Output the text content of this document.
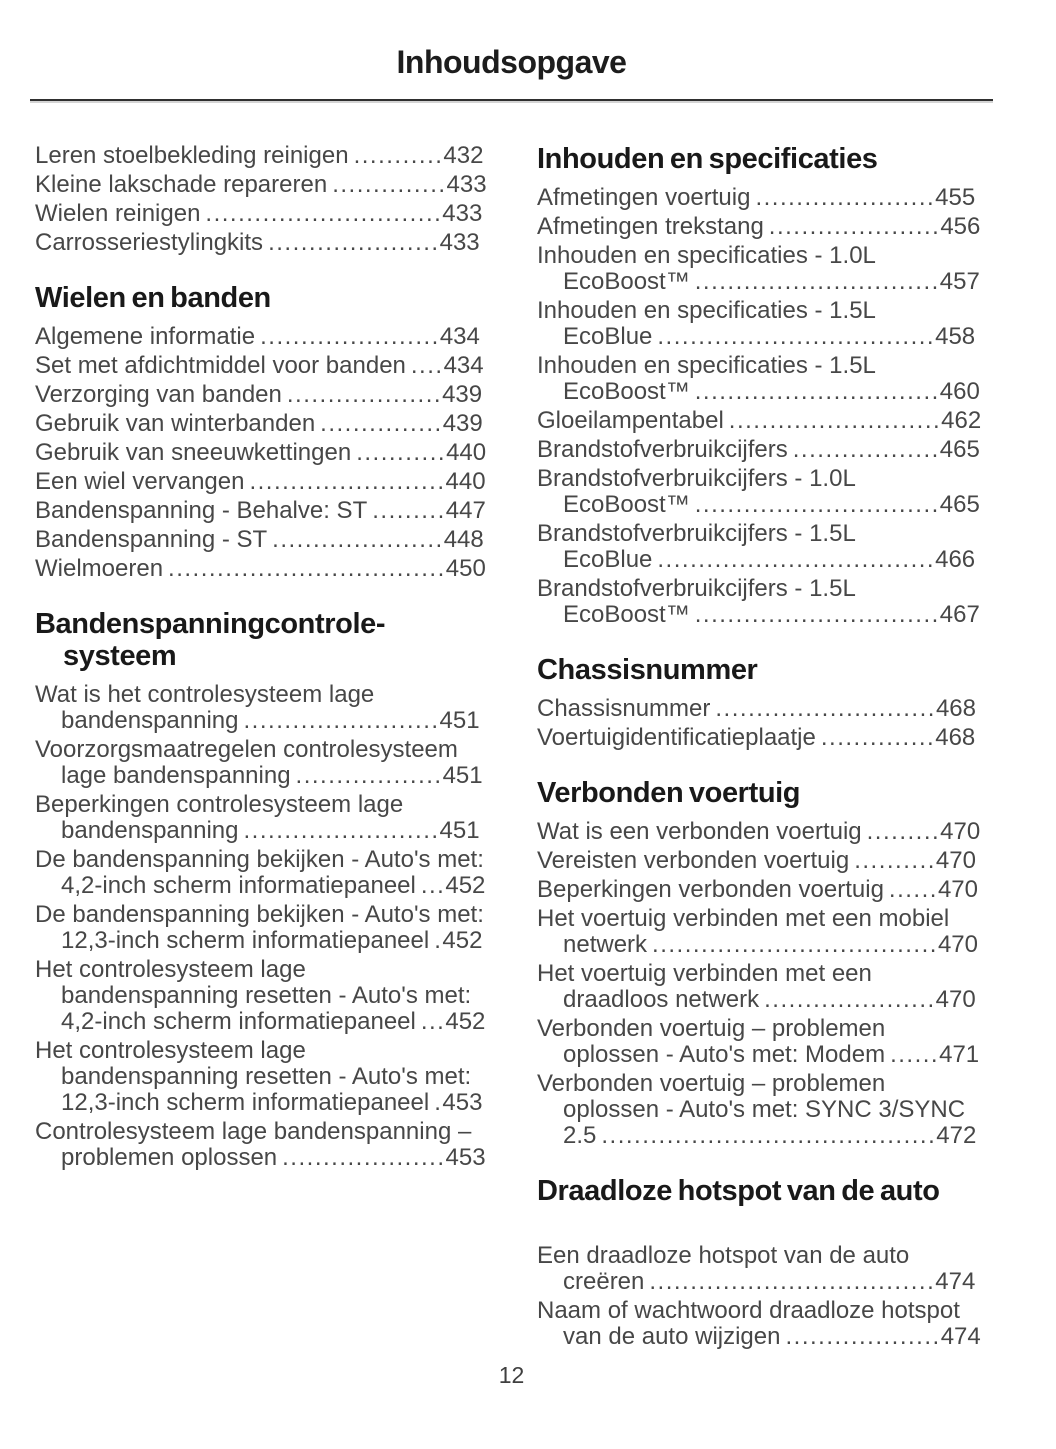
Inhoudsopgave
Leren stoelbekleding reinigen ...........432
Kleine lakschade repareren ..............433
Wielen reinigen .............................433
Carrosseriestylingkits .....................433
Wielen en banden
Algemene informatie ......................434
Set met afdichtmiddel voor banden ....434
Verzorging van banden ...................439
Gebruik van winterbanden ...............439
Gebruik van sneeuwkettingen ...........440
Een wiel vervangen ........................440
Bandenspanning - Behalve: ST .........447
Bandenspanning - ST .....................448
Wielmoeren ..................................450
Bandenspanningcontrole-systeem
Wat is het controlesysteem lage bandenspanning ........................451
Voorzorgsmaatregelen controlesysteem lage bandenspanning ..................451
Beperkingen controlesysteem lage bandenspanning ........................451
De bandenspanning bekijken - Auto's met: 4,2-inch scherm informatiepaneel ...452
De bandenspanning bekijken - Auto's met: 12,3-inch scherm informatiepaneel .452
Het controlesysteem lage bandenspanning resetten - Auto's met: 4,2-inch scherm informatiepaneel ...452
Het controlesysteem lage bandenspanning resetten - Auto's met: 12,3-inch scherm informatiepaneel .453
Controlesysteem lage bandenspanning – problemen oplossen ....................453
Inhouden en specificaties
Afmetingen voertuig ......................455
Afmetingen trekstang .....................456
Inhouden en specificaties - 1.0L EcoBoost™ ..............................457
Inhouden en specificaties - 1.5L EcoBlue ..................................458
Inhouden en specificaties - 1.5L EcoBoost™ ..............................460
Gloeilampentabel ..........................462
Brandstofverbruikcijfers ..................465
Brandstofverbruikcijfers - 1.0L EcoBoost™ ..............................465
Brandstofverbruikcijfers - 1.5L EcoBlue ..................................466
Brandstofverbruikcijfers - 1.5L EcoBoost™ ..............................467
Chassisnummer
Chassisnummer ...........................468
Voertuigidentificatieplaatje ..............468
Verbonden voertuig
Wat is een verbonden voertuig .........470
Vereisten verbonden voertuig ..........470
Beperkingen verbonden voertuig ......470
Het voertuig verbinden met een mobiel netwerk ...................................470
Het voertuig verbinden met een draadloos netwerk .....................470
Verbonden voertuig – problemen oplossen - Auto's met: Modem ......471
Verbonden voertuig – problemen oplossen - Auto's met: SYNC 3/SYNC 2.5 .........................................472
Draadloze hotspot van de auto
Een draadloze hotspot van de auto creëren ...................................474
Naam of wachtwoord draadloze hotspot van de auto wijzigen ...................474
12
